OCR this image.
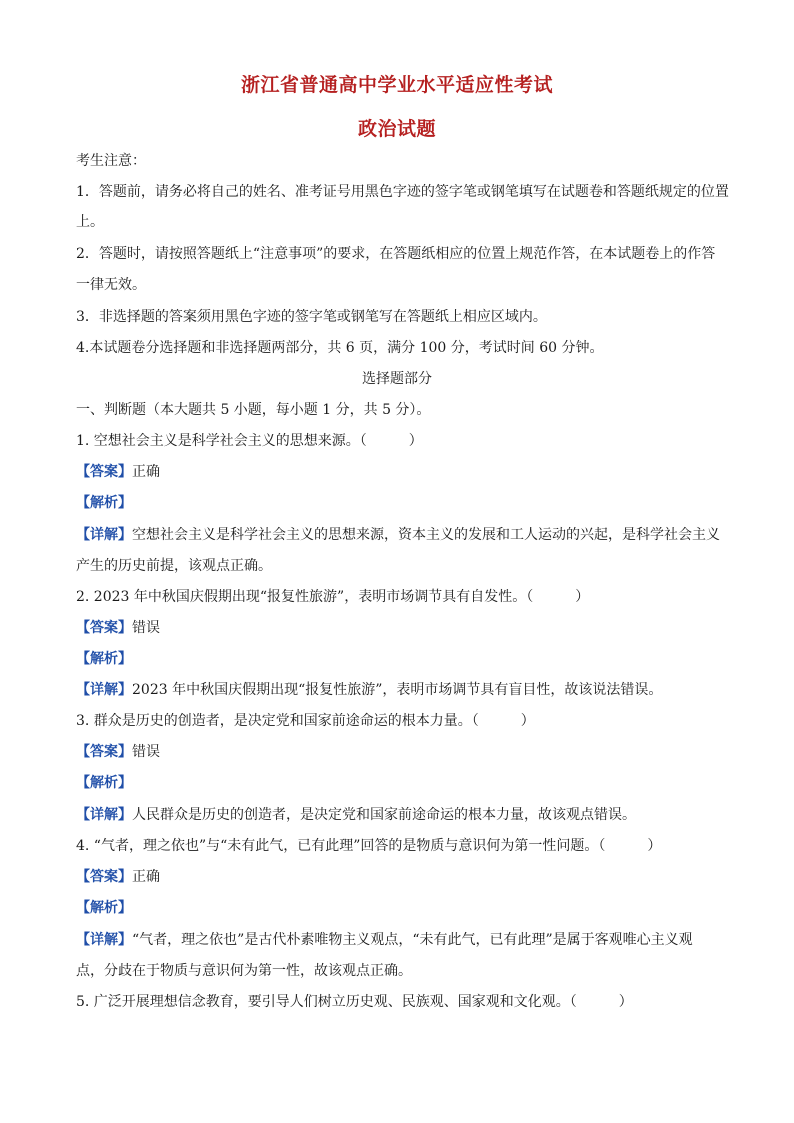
浙江省普通高中学业水平适应性考试
政治试题
考生注意：
1．答题前，请务必将自己的姓名、准考证号用黑色字迹的签字笔或钢笔填写在试题卷和答题纸规定的位置
上。
2．答题时，请按照答题纸上“注意事项”的要求，在答题纸相应的位置上规范作答，在本试题卷上的作答
一律无效。
3．非选择题的答案须用黑色字迹的签字笔或钢笔写在答题纸上相应区域内。
4.本试题卷分选择题和非选择题两部分，共 6 页，满分 100 分，考试时间 60 分钟。
选择题部分
一、判断题（本大题共 5 小题，每小题 1 分，共 5 分）。
1. 空想社会主义是科学社会主义的思想来源。（　　　）
【答案】正确
【解析】
【详解】空想社会主义是科学社会主义的思想来源，资本主义的发展和工人运动的兴起，是科学社会主义
产生的历史前提，该观点正确。
2. 2023 年中秋国庆假期出现“报复性旅游”，表明市场调节具有自发性。（　　　）
【答案】错误
【解析】
【详解】2023 年中秋国庆假期出现“报复性旅游”，表明市场调节具有盲目性，故该说法错误。
3. 群众是历史的创造者，是决定党和国家前途命运的根本力量。（　　　）
【答案】错误
【解析】
【详解】人民群众是历史的创造者，是决定党和国家前途命运的根本力量，故该观点错误。
4. “气者，理之依也”与“未有此气，已有此理”回答的是物质与意识何为第一性问题。（　　　）
【答案】正确
【解析】
【详解】“气者，理之依也”是古代朴素唯物主义观点，“未有此气，已有此理”是属于客观唯心主义观
点，分歧在于物质与意识何为第一性，故该观点正确。
5. 广泛开展理想信念教育，要引导人们树立历史观、民族观、国家观和文化观。（　　　）
